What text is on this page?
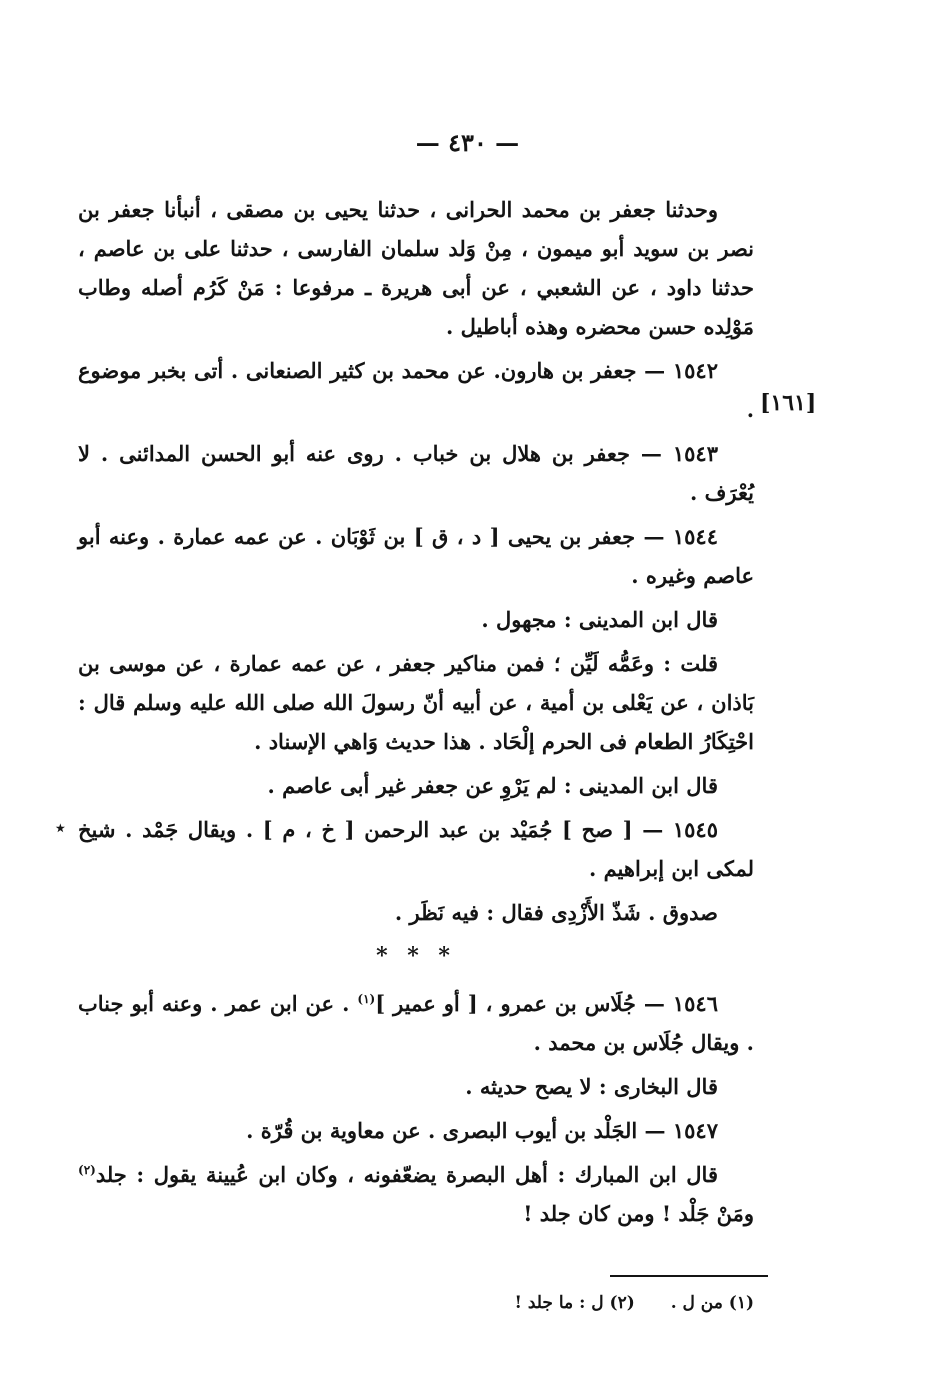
— ٤٣٠ —
[١٦١]
٭

وحدثنا جعفر بن محمد الحرانى ، حدثنا يحيى بن مصقى ، أنبأنا جعفر بن نصر بن سويد أبو ميمون ، مِنْ وَلد سلمان الفارسى ، حدثنا على بن عاصم ، حدثنا داود ، عن الشعبي ، عن أبى هريرة ـ مرفوعا : مَنْ كَرُم أصله وطاب مَوْلِده حسن محضره وهذه أباطيل .

١٥٤٢ — جعفر بن هارون. عن محمد بن كثير الصنعانى . أتى بخبر موضوع .

١٥٤٣ — جعفر بن هلال بن خباب . روى عنه أبو الحسن المدائنى . لا يُعْرَف .

١٥٤٤ — جعفر بن يحيى [ د ، ق ] بن ثَوْبَان . عن عمه عمارة . وعنه أبو عاصم وغيره .

قال ابن المدينى : مجهول .

قلت : وعَمُّه لَيِّن ؛ فمن مناكير جعفر ، عن عمه عمارة ، عن موسى بن بَاذان ، عن يَعْلى بن أمية ، عن أبيه أنّ رسولَ الله صلى الله عليه وسلم قال : احْتِكَارُ الطعام فى الحرم إلْحَاد . هذا حديث وَاهي الإسناد .

قال ابن المدينى : لم يَرْوِ عن جعفر غير أبى عاصم .

١٥٤٥ — [ صح ] جُمَيْد بن عبد الرحمن [ خ ، م ] . ويقال جَمْد . شيخ لمكى ابن إبراهيم .

صدوق . شَذّ الأَزْدِى فقال : فيه نَظَر .

* * *

١٥٤٦ — جُلَاس بن عمرو ، [ أو عمير ]$^{(١)}$ . عن ابن عمر . وعنه أبو جناب . ويقال جُلَاس بن محمد .

قال البخارى : لا يصح حديثه .

١٥٤٧ — الجَلْد بن أيوب البصرى . عن معاوية بن قُرّة .

قال ابن المبارك : أهل البصرة يضعّفونه ، وكان ابن عُيينة يقول : جلد$^{(٢)}$ ومَنْ جَلْد ! ومن كان جلد !

(١) من ل . (٢) ل : ما جلد !
